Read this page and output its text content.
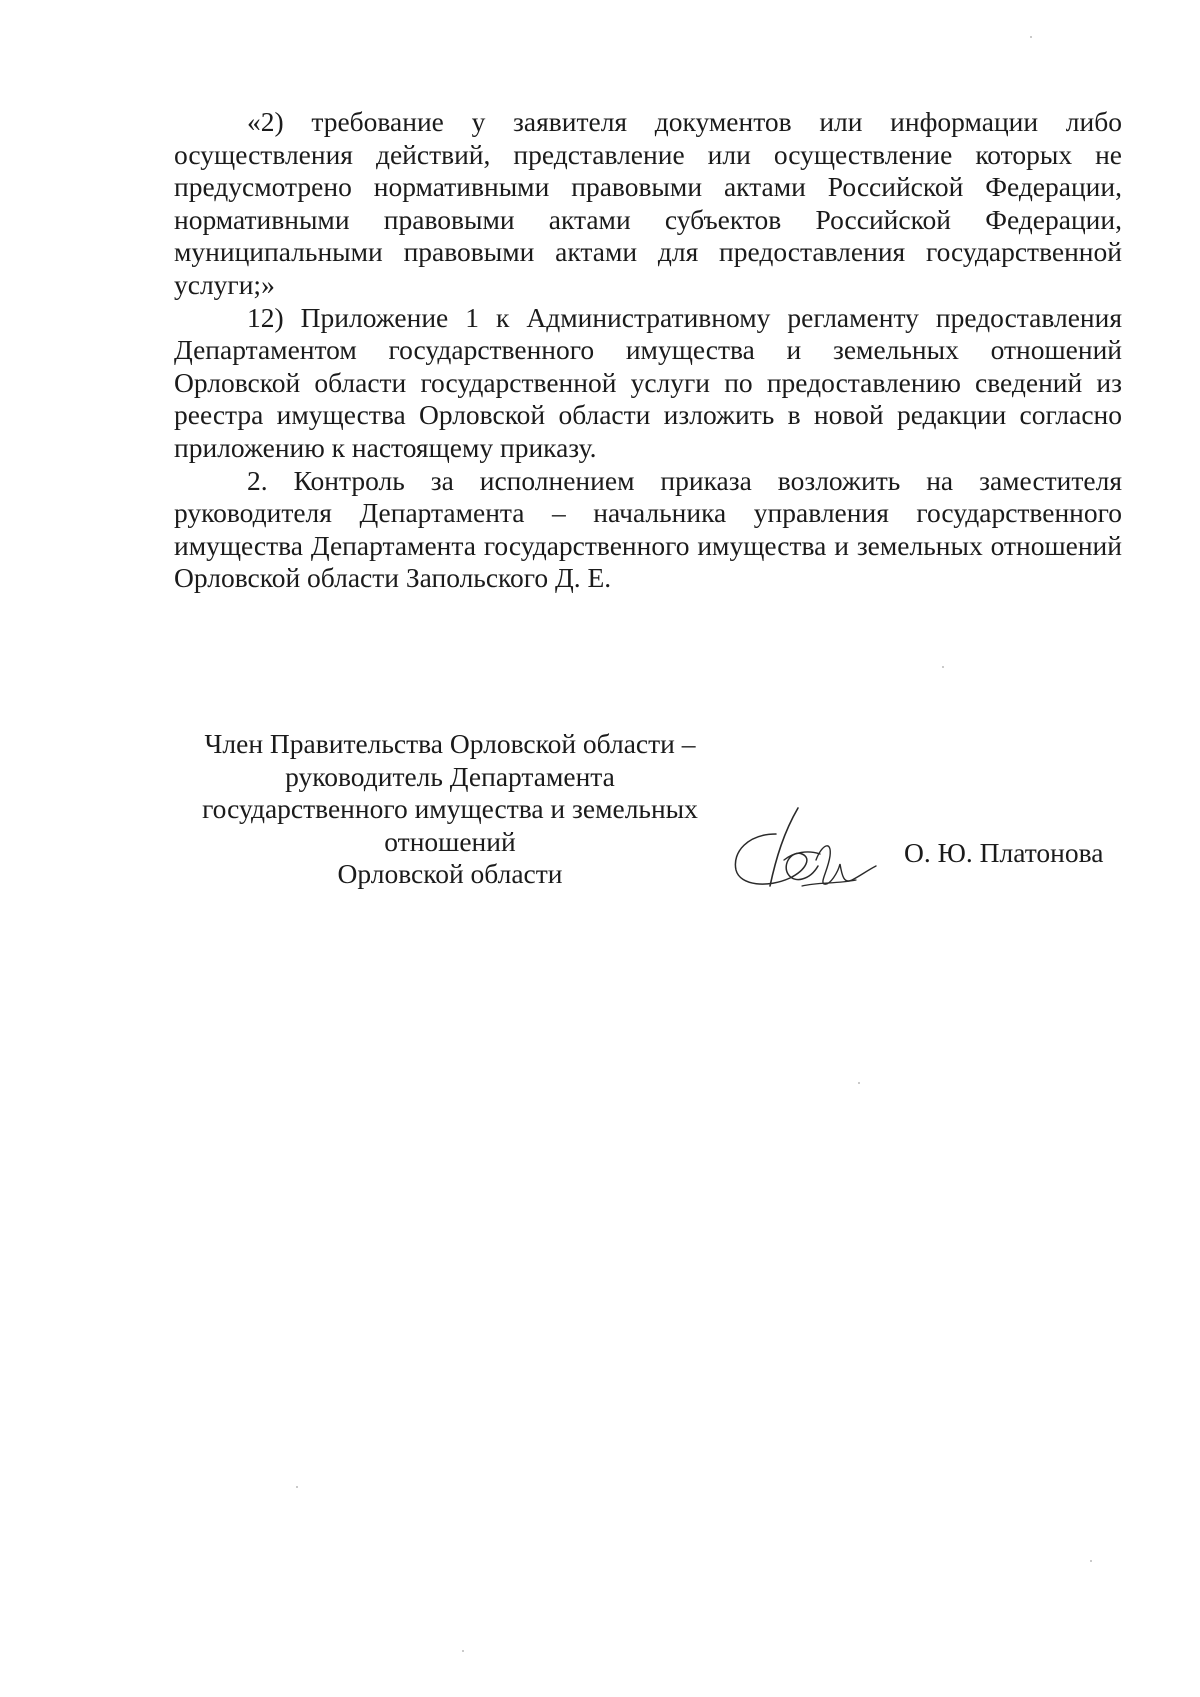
«2) требование у заявителя документов или информации либо осуществления действий, представление или осуществление которых не предусмотрено нормативными правовыми актами Российской Федерации, нормативными правовыми актами субъектов Российской Федерации, муниципальными правовыми актами для предоставления государственной услуги;»

12) Приложение 1 к Административному регламенту предоставления Департаментом государственного имущества и земельных отношений Орловской области государственной услуги по предоставлению сведений из реестра имущества Орловской области изложить в новой редакции согласно приложению к настоящему приказу.

2. Контроль за исполнением приказа возложить на заместителя руководителя Департамента – начальника управления государственного имущества Департамента государственного имущества и земельных отношений Орловской области Запольского Д. Е.

Член Правительства Орловской области –
руководитель Департамента
государственного имущества и земельных
отношений
Орловской области
О. Ю. Платонова
